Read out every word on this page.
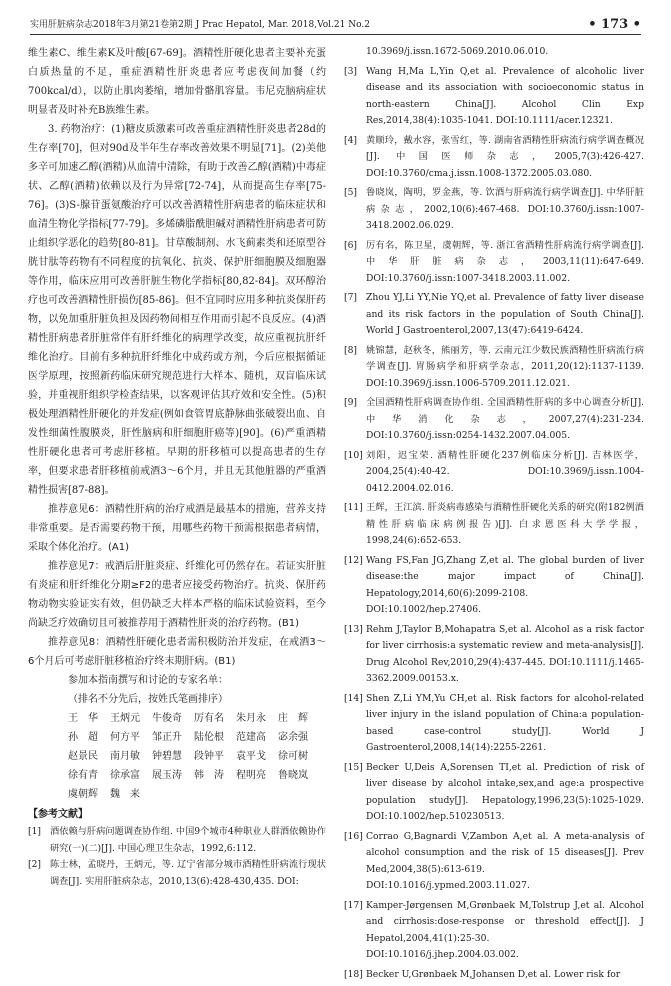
实用肝脏病杂志2018年3月第21卷第2期 J Prac Hepatol, Mar. 2018,Vol.21 No.2	• 173 •

维生素C、维生素K及叶酸[67-69]。酒精性肝硬化患者主要补充蛋白质热量的不足，重症酒精性肝炎患者应考虑夜间加餐（约700kcal/d），以防止肌肉萎缩，增加骨骼肌容量。韦尼克脑病症状明显者及时补充B族维生素。

3. 药物治疗：(1)糖皮质激素可改善重症酒精性肝炎患者28d的生存率[70]，但对90d及半年生存率改善效果不明显[71]。(2)美他多辛可加速乙醇(酒精)从血清中清除，有助于改善乙醇(酒精)中毒症状、乙醇(酒精)依赖以及行为异常[72-74]，从而提高生存率[75-76]。(3)S-腺苷蛋氨酸治疗可以改善酒精性肝病患者的临床症状和血清生物化学指标[77-79]。多烯磷脂酰胆碱对酒精性肝病患者可防止组织学恶化的趋势[80-81]。甘草酸制剂、水飞蓟素类和还原型谷胱甘肽等药物有不同程度的抗氧化、抗炎、保护肝细胞膜及细胞器等作用，临床应用可改善肝脏生物化学指标[80,82-84]。双环醇治疗也可改善酒精性肝损伤[85-86]。但不宜同时应用多种抗炎保肝药物，以免加重肝脏负担及因药物间相互作用而引起不良反应。(4)酒精性肝病患者肝脏常伴有肝纤维化的病理学改变，故应重视抗肝纤维化治疗。目前有多种抗肝纤维化中成药或方剂，今后应根据循证医学原理，按照新药临床研究规范进行大样本、随机，双盲临床试验，并重视肝组织学检查结果，以客观评估其疗效和安全性。(5)积极处理酒精性肝硬化的并发症(例如食管胃底静脉曲张破裂出血、自发性细菌性腹膜炎，肝性脑病和肝细胞肝癌等)[90]。(6)严重酒精性肝硬化患者可考虑肝移植。早期的肝移植可以提高患者的生存率，但要求患者肝移植前戒酒3～6个月，并且无其他脏器的严重酒精性损害[87-88]。

推荐意见6：酒精性肝病的治疗戒酒是最基本的措施，营养支持非常重要。是否需要药物干预，用哪些药物干预需根据患者病情，采取个体化治疗。(A1)

推荐意见7：戒酒后肝脏炎症、纤维化可仍然存在。若证实肝脏有炎症和肝纤维化分期≥F2的患者应接受药物治疗。抗炎、保肝药物动物实验证实有效，但仍缺乏大样本严格的临床试验资料，至今尚缺乏疗效确切且可被推荐用于酒精性肝炎的治疗药物。(B1)

推荐意见8：酒精性肝硬化患者需积极防治并发症，在戒酒3～6个月后可考虑肝脏移植治疗终末期肝病。(B1)

参加本指南撰写和讨论的专家名单：
（排名不分先后，按姓氏笔画排序）
王　华	王炳元	牛俊奇	厉有名	朱月永	庄　辉
孙　超	何方平	邹正升	陆伦根	范建高	宓余强
赵景民	南月敏	钟碧慧	段钟平	袁平戈	徐可树
徐有青	徐承富	展玉涛	韩　涛	程明亮	鲁晓岚
虞朝辉	魏　来
【参考文献】
[1] 酒依赖与肝病问题调查协作组. 中国9个城市4种职业人群酒依赖协作研究(一)(二)[J]. 中国心理卫生杂志，1992,6:112.
[2] 陈士林，孟晓丹，王炳元，等. 辽宁省部分城市酒精性肝病流行现状调查[J]. 实用肝脏病杂志，2010,13(6):428-430,435. DOI:
10.3969/j.issn.1672-5069.2010.06.010.
[3] Wang H,Ma L,Yin Q,et al. Prevalence of alcoholic liver disease and its association with socioeconomic status in north-eastern China[J]. Alcohol Clin Exp Res,2014,38(4):1035-1041. DOI:10.1111/acer.12321.
[4] 黄顺玲，戴水容，张雪红，等. 湖南省酒精性肝病流行病学调查概况[J]. 中国医师杂志，2005,7(3):426-427. DOI:10.3760/cma.j.issn.1008-1372.2005.03.080.
[5] 鲁晓岚，陶明，罗金燕，等. 饮酒与肝病流行病学调查[J]. 中华肝脏病杂志，2002,10(6):467-468. DOI:10.3760/j.issn:1007-3418.2002.06.029.
[6] 厉有名，陈卫星，虞朝辉，等. 浙江省酒精性肝病流行病学调查[J]. 中华肝脏病杂志，2003,11(11):647-649. DOI:10.3760/j.issn:1007-3418.2003.11.002.
[7] Zhou YJ,Li YY,Nie YQ,et al. Prevalence of fatty liver disease and its risk factors in the population of South China[J]. World J Gastroenterol,2007,13(47):6419-6424.
[8] 姚锦慧，赵秋冬，熊丽芳，等. 云南元江少数民族酒精性肝病流行病学调查[J]. 胃肠病学和肝病学杂志，2011,20(12):1137-1139. DOI:10.3969/j.issn.1006-5709.2011.12.021.
[9] 全国酒精性肝病调查协作组. 全国酒精性肝病的多中心调查分析[J]. 中华消化杂志，2007,27(4):231-234. DOI:10.3760/j.issn:0254-1432.2007.04.005.
[10] 刘阳，迟宝荣. 酒精性肝硬化237例临床分析[J]. 吉林医学，2004,25(4):40-42. DOI:10.3969/j.issn.1004-0412.2004.02.016.
[11] 王辉，王江滨. 肝炎病毒感染与酒精性肝硬化关系的研究(附182例酒精性肝病临床病例报告)[J]. 白求恩医科大学学报，1998,24(6):652-653.
[12] Wang FS,Fan JG,Zhang Z,et al. The global burden of liver disease:the major impact of China[J]. Hepatology,2014,60(6):2099-2108. DOI:10.1002/hep.27406.
[13] Rehm J,Taylor B,Mohapatra S,et al. Alcohol as a risk factor for liver cirrhosis:a systematic review and meta-analysis[J]. Drug Alcohol Rev,2010,29(4):437-445. DOI:10.1111/j.1465-3362.2009.00153.x.
[14] Shen Z,Li YM,Yu CH,et al. Risk factors for alcohol-related liver injury in the island population of China:a population-based case-control study[J]. World J Gastroenterol,2008,14(14):2255-2261.
[15] Becker U,Deis A,Sorensen TI,et al. Prediction of risk of liver disease by alcohol intake,sex,and age:a prospective population study[J]. Hepatology,1996,23(5):1025-1029. DOI:10.1002/hep.510230513.
[16] Corrao G,Bagnardi V,Zambon A,et al. A meta-analysis of alcohol consumption and the risk of 15 diseases[J]. Prev Med,2004,38(5):613-619. DOI:10.1016/j.ypmed.2003.11.027.
[17] Kamper-Jørgensen M,Grønbaek M,Tolstrup J,et al. Alcohol and cirrhosis:dose-response or threshold effect[J]. J Hepatol,2004,41(1):25-30. DOI:10.1016/j.jhep.2004.03.002.
[18] Becker U,Grønbaek M,Johansen D,et al. Lower risk for
